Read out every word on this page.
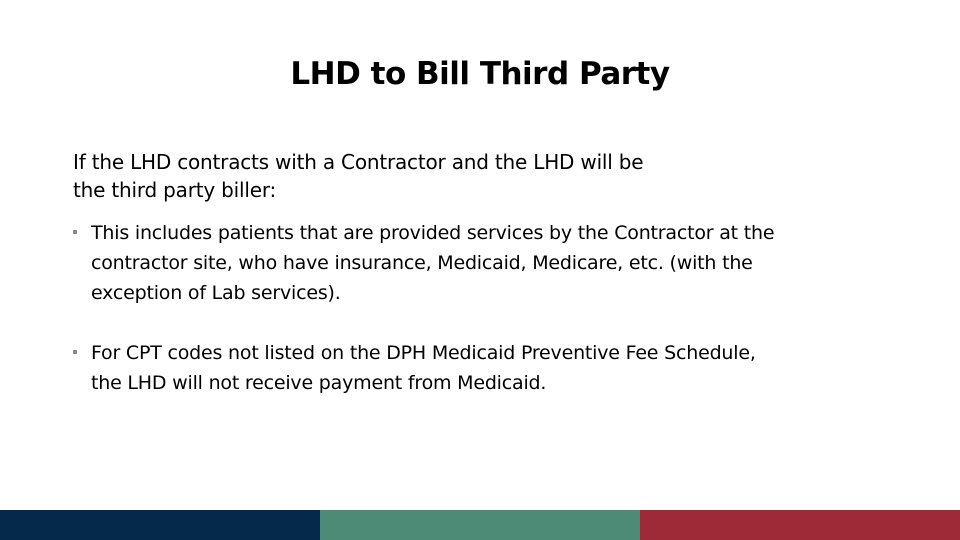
LHD to Bill Third Party
If the LHD contracts with a Contractor and the LHD will be
the third party biller:
This includes patients that are provided services by the Contractor at the
contractor site, who have insurance, Medicaid, Medicare, etc. (with the
exception of Lab services).
For CPT codes not listed on the DPH Medicaid Preventive Fee Schedule,
the LHD will not receive payment from Medicaid.
